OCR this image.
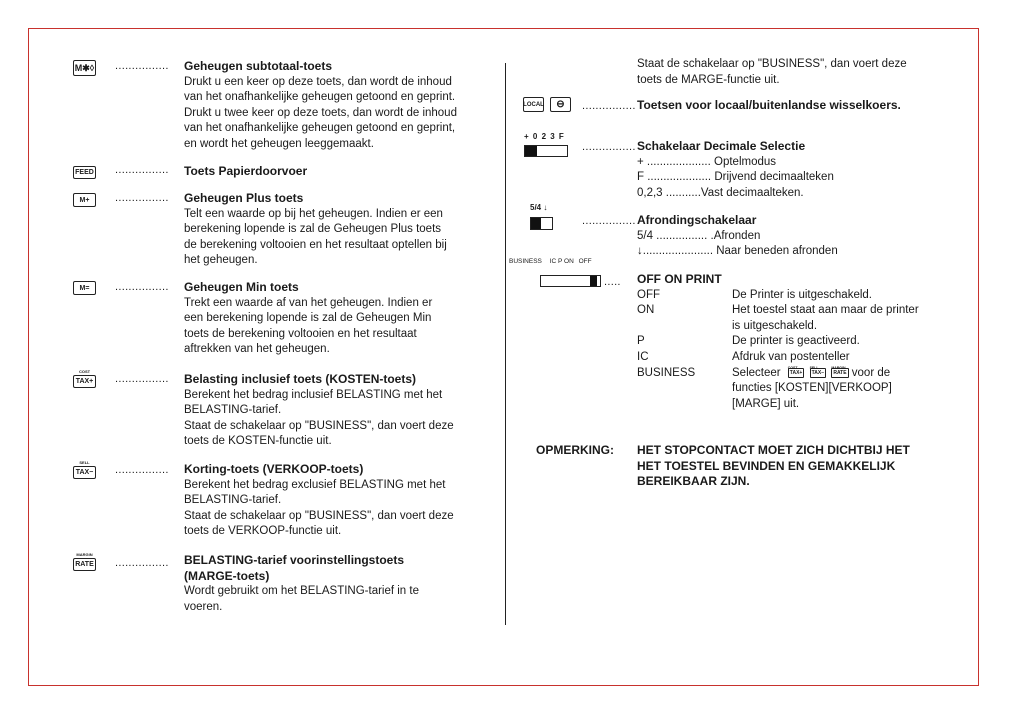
M✱◊ ................ Geheugen subtotaal-toets
Drukt u een keer op deze toets, dan wordt de inhoud
van het onafhankelijke geheugen getoond en geprint.
Drukt u twee keer op deze toets, dan wordt de inhoud
van het onafhankelijke geheugen getoond en geprint,
en wordt het geheugen leeggemaakt.
FEED ................ Toets Papierdoorvoer
M+ ................ Geheugen Plus toets
Telt een waarde op bij het geheugen. Indien er een
berekening lopende is zal de Geheugen Plus toets
de berekening voltooien en het resultaat optellen bij
het geheugen.
M= ................ Geheugen Min toets
Trekt een waarde af van het geheugen. Indien er
een berekening lopende is zal de Geheugen Min
toets de berekening voltooien en het resultaat
aftrekken van het geheugen.
COST
TAX+ ................ Belasting inclusief toets (KOSTEN-toets)
Berekent het bedrag inclusief BELASTING met het
BELASTING-tarief.
Staat de schakelaar op "BUSINESS", dan voert deze
toets de KOSTEN-functie uit.
SELL
TAX− ................ Korting-toets (VERKOOP-toets)
Berekent het bedrag exclusief BELASTING met het
BELASTING-tarief.
Staat de schakelaar op "BUSINESS", dan voert deze
toets de VERKOOP-functie uit.
MARGIN
RATE ................ BELASTING-tarief voorinstellingstoets
(MARGE-toets)
Wordt gebruikt om het BELASTING-tarief in te
voeren.
Staat de schakelaar op "BUSINESS", dan voert deze
toets de MARGE-functie uit.
LOCAL ⊖ ................ Toetsen voor locaal/buitenlandse wisselkoers.
+ 0 2 3 F
................ Schakelaar Decimale Selectie
+ .................... Optelmodus
F .................... Drijvend decimaalteken
0,2,3 ...........Vast decimaalteken.
5/4 ↓
................ Afrondingschakelaar
5/4 ................ .Afronden
↓...................... Naar beneden afronden
BUSINESS IC P ON OFF
..... OFF ON PRINT
OFF	De Printer is uitgeschakeld.
ON	Het toestel staat aan maar de printer
is uitgeschakeld.
P	De printer is geactiveerd.
IC	Afdruk van postenteller
BUSINESS	Selecteer COST
TAX+
SELL
TAX−
MARGIN
RATE voor de
functies [KOSTEN][VERKOOP]
[MARGE] uit.
OPMERKING: HET STOPCONTACT MOET ZICH DICHTBIJ HET
HET TOESTEL BEVINDEN EN GEMAKKELIJK
BEREIKBAAR ZIJN.
